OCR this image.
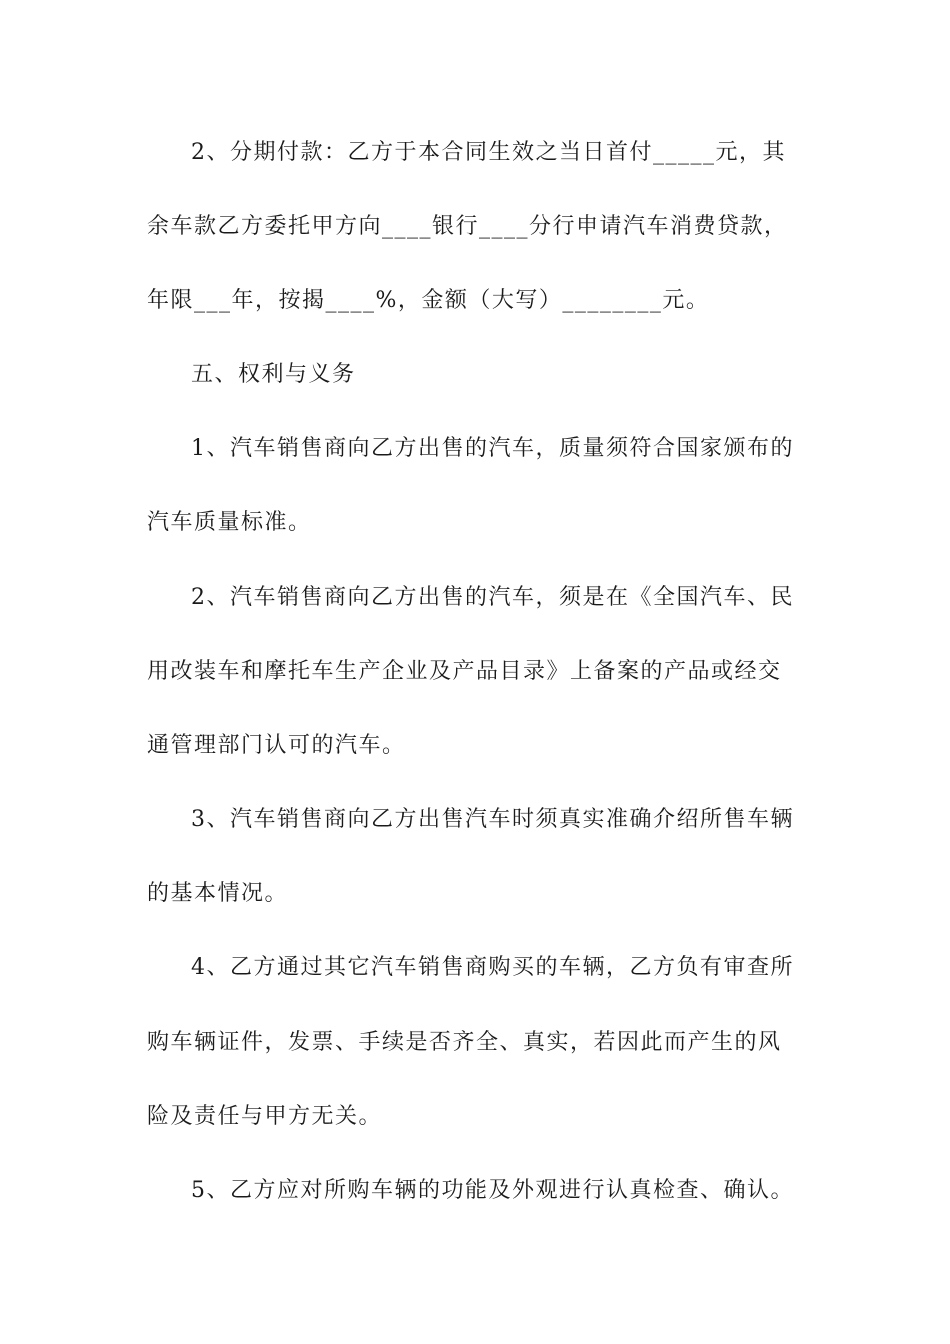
2、分期付款：乙方于本合同生效之当日首付_____元，其
余车款乙方委托甲方向____银行____分行申请汽车消费贷款，
年限___年，按揭____%，金额（大写）________元。
五、权利与义务
1、汽车销售商向乙方出售的汽车，质量须符合国家颁布的
汽车质量标准。
2、汽车销售商向乙方出售的汽车，须是在《全国汽车、民
用改装车和摩托车生产企业及产品目录》上备案的产品或经交
通管理部门认可的汽车。
3、汽车销售商向乙方出售汽车时须真实准确介绍所售车辆
的基本情况。
4、乙方通过其它汽车销售商购买的车辆，乙方负有审查所
购车辆证件，发票、手续是否齐全、真实，若因此而产生的风
险及责任与甲方无关。
5、乙方应对所购车辆的功能及外观进行认真检查、确认。
